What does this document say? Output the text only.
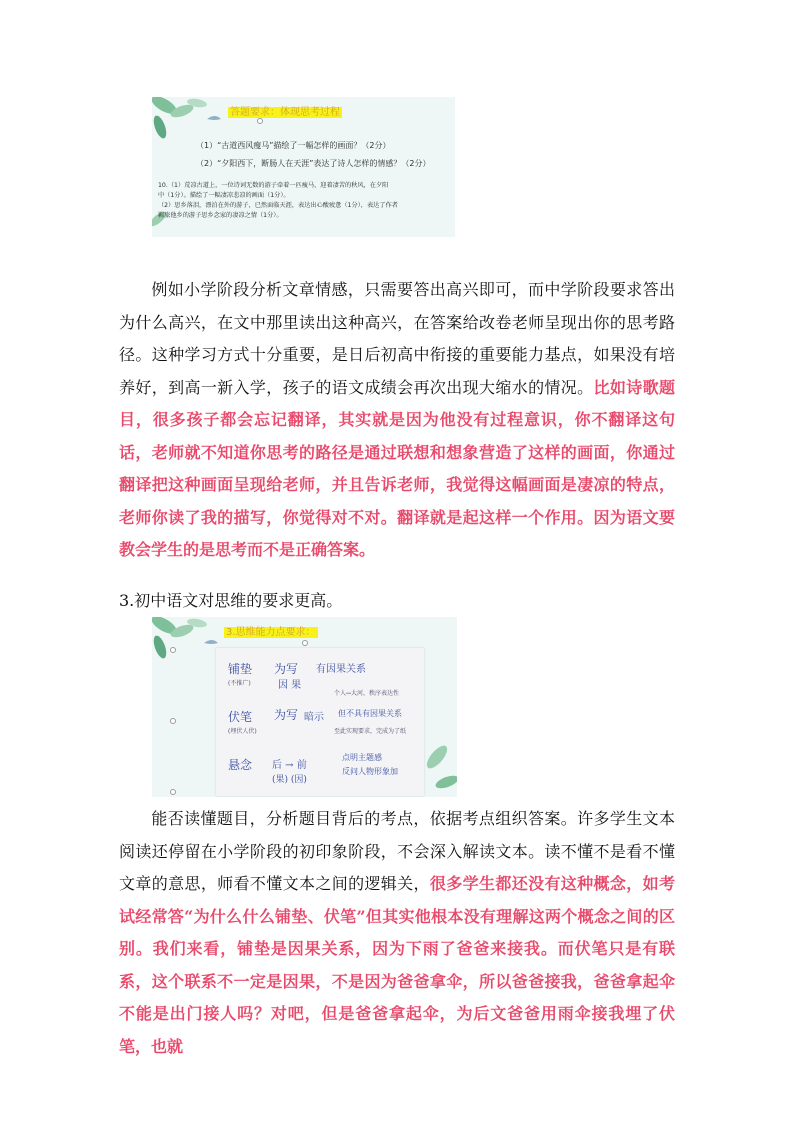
答题要求：体现思考过程
（1）“古道西风瘦马”描绘了一幅怎样的画面？（2分）
（2）“夕阳西下，断肠人在天涯”表达了诗人怎样的情感？（2分）
10.（1）荒凉古道上，一位诗词无数的游子牵着一匹瘦马，迎着凄苦的秋风，在夕阳
中（1分）。描绘了一幅凄凉悲凉的画面（1分）。
（2）思乡落泪，漂泊在外的游子，已然面临天涯，表达出心酸疲惫（1分），表达了作者
羁旅他乡的游子思乡念家的凄凉之情（1分）。

  例如小学阶段分析文章情感，只需要答出高兴即可，而中学阶段要求答出为什么高兴，在文中那里读出这种高兴，在答案给改卷老师呈现出你的思考路径。这种学习方式十分重要，是日后初高中衔接的重要能力基点，如果没有培养好，到高一新入学，孩子的语文成绩会再次出现大缩水的情况。比如诗歌题目，很多孩子都会忘记翻译，其实就是因为他没有过程意识，你不翻译这句话，老师就不知道你思考的路径是通过联想和想象营造了这样的画面，你通过翻译把这种画面呈现给老师，并且告诉老师，我觉得这幅画面是凄凉的特点，老师你读了我的描写，你觉得对不对。翻译就是起这样一个作用。因为语文要教会学生的是思考而不是正确答案。

3.初中语文对思维的要求更高。

3.思维能力点要求：
铺垫
(不推广)
为写 有因果关系
因 果
个人↔大河，秩序表达性
伏笔
(埋伏人伏)
为写 暗示 但不具有因果关系
至此实现要求，完成为了纸
悬念 后 → 前
(果) (因)
点明主题感
反问人物形象加

  能否读懂题目，分析题目背后的考点，依据考点组织答案。许多学生文本阅读还停留在小学阶段的初印象阶段，不会深入解读文本。读不懂不是看不懂文章的意思，师看不懂文本之间的逻辑关，很多学生都还没有这种概念，如考试经常答“为什么什么铺垫、伏笔”但其实他根本没有理解这两个概念之间的区别。我们来看，铺垫是因果关系，因为下雨了爸爸来接我。而伏笔只是有联系，这个联系不一定是因果，不是因为爸爸拿伞，所以爸爸接我，爸爸拿起伞不能是出门接人吗？对吧，但是爸爸拿起伞，为后文爸爸用雨伞接我埋了伏笔，也就
